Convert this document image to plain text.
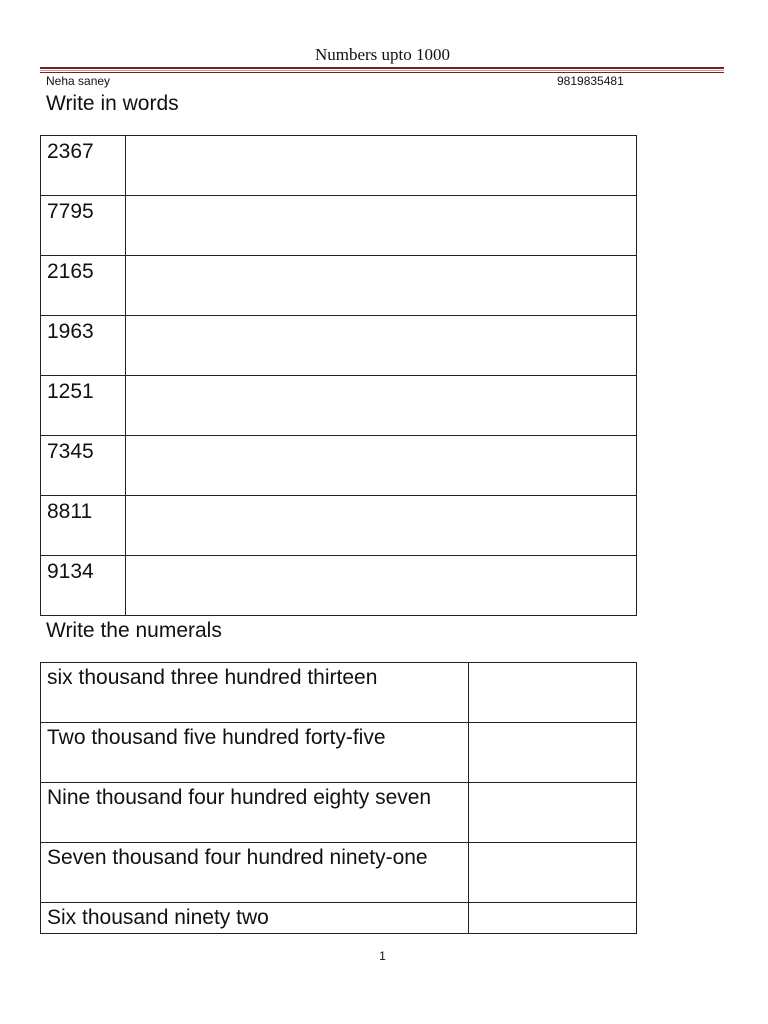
Numbers upto 1000
Neha saney	9819835481
Write in words
2367	
7795	
2165	
1963	
1251	
7345	
8811	
9134	
Write the numerals
six thousand three hundred thirteen	
Two thousand five hundred forty-five	
Nine thousand four hundred eighty seven	
Seven thousand four hundred ninety-one	
Six thousand ninety two	
1
